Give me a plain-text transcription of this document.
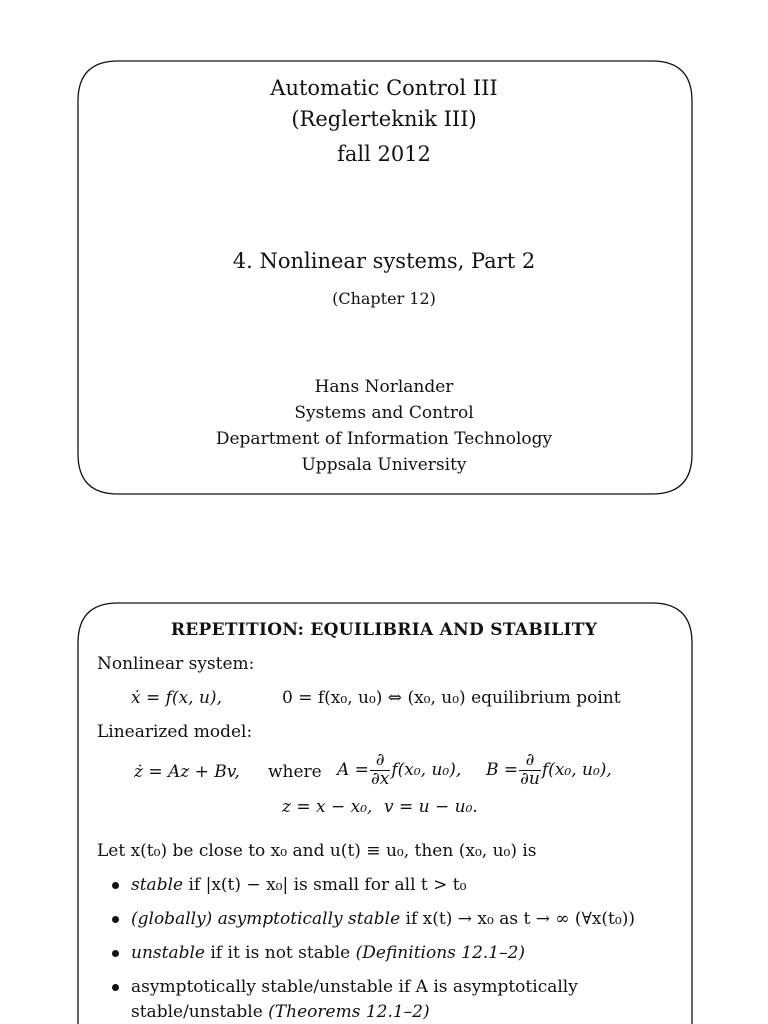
Automatic Control III
(Reglerteknik III)
fall 2012
4. Nonlinear systems, Part 2
(Chapter 12)
Hans Norlander
Systems and Control
Department of Information Technology
Uppsala University
REPETITION: EQUILIBRIA AND STABILITY
Nonlinear system:
ẋ = f(x, u),	0 = f(x₀, u₀) ⇔ (x₀, u₀) equilibrium point
Linearized model:
ż = Az + Bv, where $A = \frac{\partial}{\partial x} f(x_0$, u₀), $B = \frac{\partial}{\partial u} f(x_0$, u₀),
z = x − x₀, v = u − u₀.
Let x(t₀) be close to x₀ and u(t) ≡ u₀, then (x₀, u₀) is
stable if |x(t) − x₀| is small for all t > t₀
(globally) asymptotically stable if x(t) → x₀ as t → ∞ (∀x(t₀))
unstable if it is not stable (Definitions 12.1–2)
asymptotically stable/unstable if A is asymptotically
stable/unstable (Theorems 12.1–2)
